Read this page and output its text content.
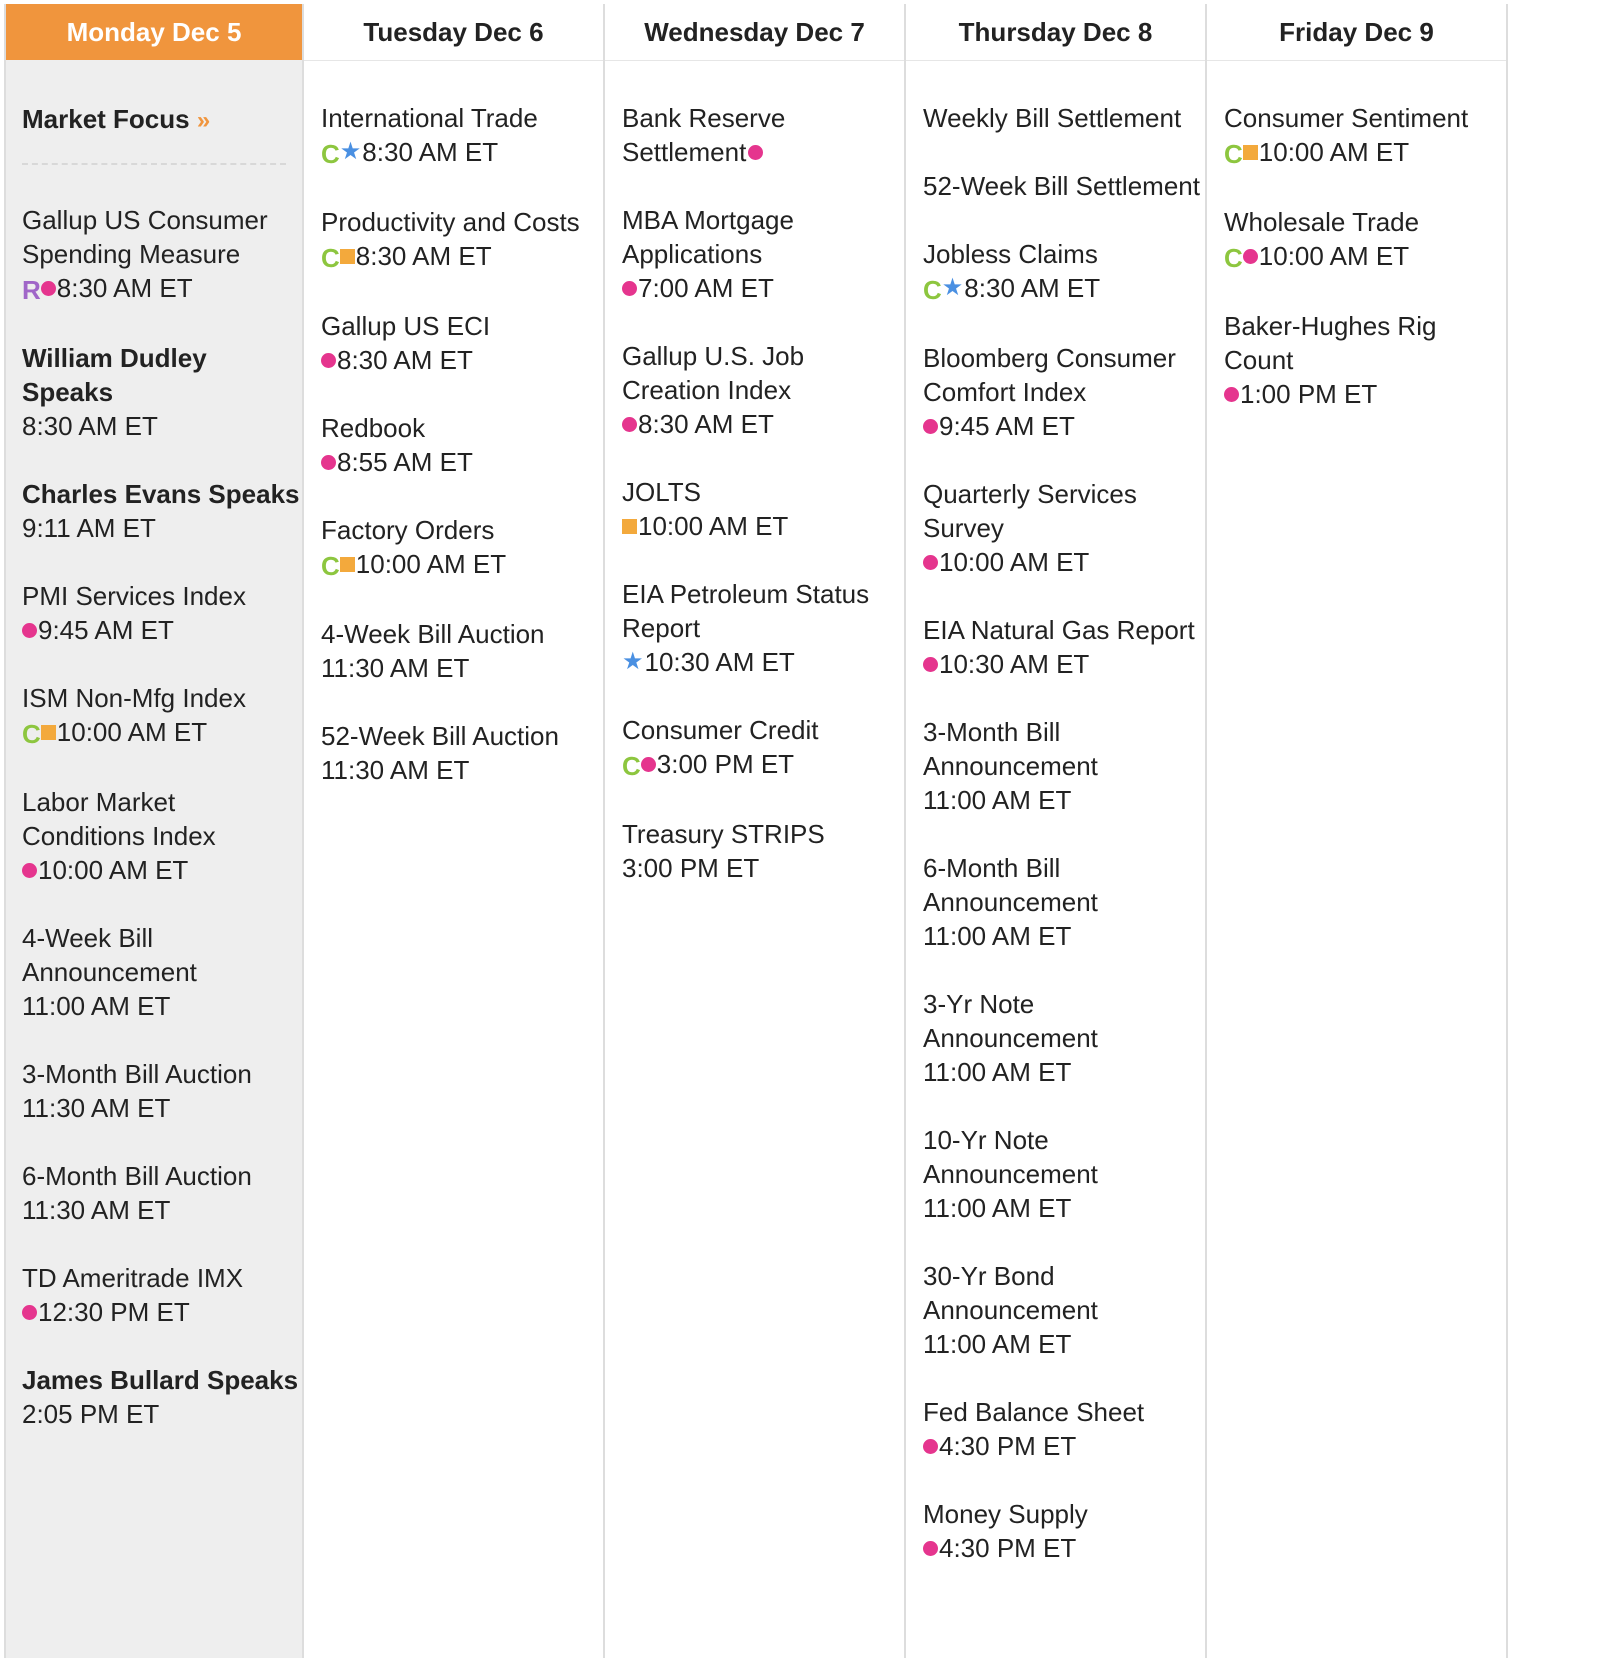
Monday Dec 5
Market Focus »
Gallup US Consumer Spending Measure
R 8:30 AM ET
William Dudley Speaks
8:30 AM ET
Charles Evans Speaks
9:11 AM ET
PMI Services Index
9:45 AM ET
ISM Non-Mfg Index
C 10:00 AM ET
Labor Market Conditions Index
10:00 AM ET
4-Week Bill Announcement
11:00 AM ET
3-Month Bill Auction
11:30 AM ET
6-Month Bill Auction
11:30 AM ET
TD Ameritrade IMX
12:30 PM ET
James Bullard Speaks
2:05 PM ET
Tuesday Dec 6
International Trade
C★8:30 AM ET
Productivity and Costs
C 8:30 AM ET
Gallup US ECI
8:30 AM ET
Redbook
8:55 AM ET
Factory Orders
C 10:00 AM ET
4-Week Bill Auction
11:30 AM ET
52-Week Bill Auction
11:30 AM ET
Wednesday Dec 7
Bank Reserve Settlement
MBA Mortgage Applications
7:00 AM ET
Gallup U.S. Job Creation Index
8:30 AM ET
JOLTS
10:00 AM ET
EIA Petroleum Status Report
★10:30 AM ET
Consumer Credit
C 3:00 PM ET
Treasury STRIPS
3:00 PM ET
Thursday Dec 8
Weekly Bill Settlement
52-Week Bill Settlement
Jobless Claims
C★8:30 AM ET
Bloomberg Consumer Comfort Index
9:45 AM ET
Quarterly Services Survey
10:00 AM ET
EIA Natural Gas Report
10:30 AM ET
3-Month Bill Announcement
11:00 AM ET
6-Month Bill Announcement
11:00 AM ET
3-Yr Note Announcement
11:00 AM ET
10-Yr Note Announcement
11:00 AM ET
30-Yr Bond Announcement
11:00 AM ET
Fed Balance Sheet
4:30 PM ET
Money Supply
4:30 PM ET
Friday Dec 9
Consumer Sentiment
C 10:00 AM ET
Wholesale Trade
C 10:00 AM ET
Baker-Hughes Rig Count
1:00 PM ET
